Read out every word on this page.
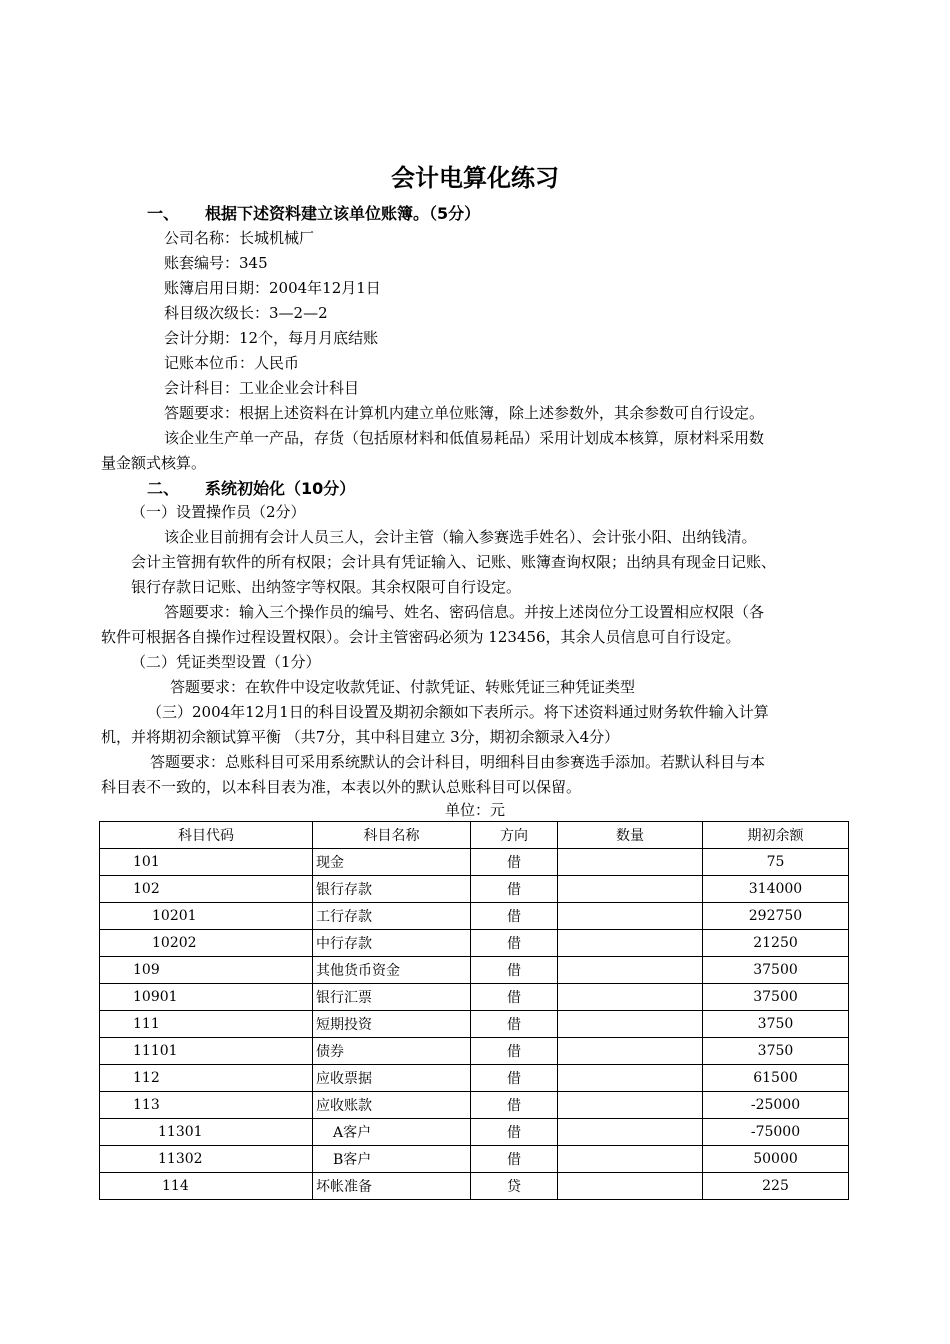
会计电算化练习
一、 根据下述资料建立该单位账簿。（5分）
公司名称：长城机械厂
账套编号：345
账簿启用日期：2004年12月1日
科目级次级长：3—2—2
会计分期：12个，每月月底结账
记账本位币：人民币
会计科目：工业企业会计科目
答题要求：根据上述资料在计算机内建立单位账簿，除上述参数外，其余参数可自行设定。
该企业生产单一产品，存货（包括原材料和低值易耗品）采用计划成本核算，原材料采用数
量金额式核算。
二、 系统初始化（10分）
（一）设置操作员（2分）
该企业目前拥有会计人员三人，会计主管（输入参赛选手姓名）、会计张小阳、出纳钱清。
会计主管拥有软件的所有权限；会计具有凭证输入、记账、账簿查询权限；出纳具有现金日记账、
银行存款日记账、出纳签字等权限。其余权限可自行设定。
答题要求：输入三个操作员的编号、姓名、密码信息。并按上述岗位分工设置相应权限（各
软件可根据各自操作过程设置权限）。会计主管密码必须为 123456，其余人员信息可自行设定。
（二）凭证类型设置（1分）
答题要求：在软件中设定收款凭证、付款凭证、转账凭证三种凭证类型
（三）2004年12月1日的科目设置及期初余额如下表所示。将下述资料通过财务软件输入计算
机，并将期初余额试算平衡 （共7分，其中科目建立 3分，期初余额录入4分）
答题要求：总账科目可采用系统默认的会计科目，明细科目由参赛选手添加。若默认科目与本
科目表不一致的，以本科目表为准，本表以外的默认总账科目可以保留。
单位：元
科目代码	科目名称	方向	数量	期初余额
101	现金	借		75
102	银行存款	借		314000
10201	工行存款	借		292750
10202	中行存款	借		21250
109	其他货币资金	借		37500
10901	银行汇票	借		37500
111	短期投资	借		3750
11101	债券	借		3750
112	应收票据	借		61500
113	应收账款	借		-25000
11301	A客户	借		-75000
11302	B客户	借		50000
114	坏帐准备	贷		225
